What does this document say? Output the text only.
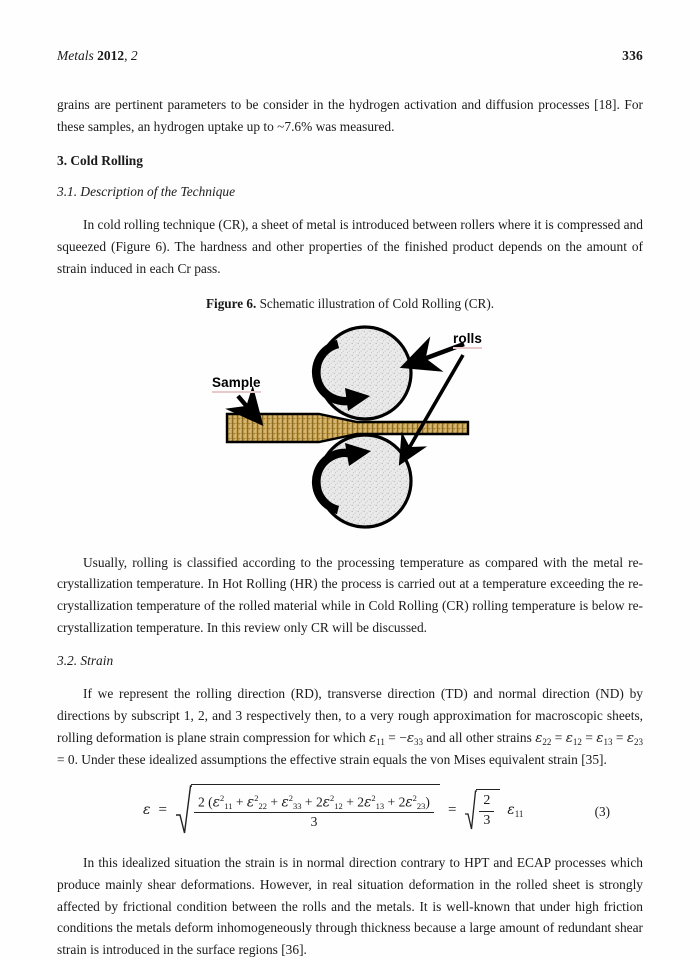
Metals 2012, 2	336

grains are pertinent parameters to be consider in the hydrogen activation and diffusion processes [18]. For these samples, an hydrogen uptake up to ~7.6% was measured.

3. Cold Rolling
3.1. Description of the Technique

In cold rolling technique (CR), a sheet of metal is introduced between rollers where it is compressed and squeezed (Figure 6). The hardness and other properties of the finished product depends on the amount of strain induced in each Cr pass.

Figure 6. Schematic illustration of Cold Rolling (CR).
Sample
rolls

Usually, rolling is classified according to the processing temperature as compared with the metal re-crystallization temperature. In Hot Rolling (HR) the process is carried out at a temperature exceeding the re-crystallization temperature of the rolled material while in Cold Rolling (CR) rolling temperature is below re-crystallization temperature. In this review only CR will be discussed.

3.2. Strain

If we represent the rolling direction (RD), transverse direction (TD) and normal direction (ND) by directions by subscript 1, 2, and 3 respectively then, to a very rough approximation for macroscopic sheets, rolling deformation is plane strain compression for which $\varepsilon_{11} = -\varepsilon_{33}$ and all other strains $\varepsilon_{22} = \varepsilon_{12} = \varepsilon_{13} = \varepsilon_{23} = 0$. Under these idealized assumptions the effective strain equals the von Mises equivalent strain [35].

$\varepsilon = \frac{2 (\varepsilon^2_{11} + \varepsilon^2_{22} + \varepsilon^2_{33} + 2\varepsilon^2_{12} + 2\varepsilon^2_{13} + 2\varepsilon^2_{23})}{3} = \frac{2}{3} \varepsilon_{11}$	(3)

In this idealized situation the strain is in normal direction contrary to HPT and ECAP processes which produce mainly shear deformations. However, in real situation deformation in the rolled sheet is strongly affected by frictional condition between the rolls and the metals. It is well-known that under high friction conditions the metals deform inhomogeneously through thickness because a large amount of redundant shear strain is introduced in the surface regions [36].
